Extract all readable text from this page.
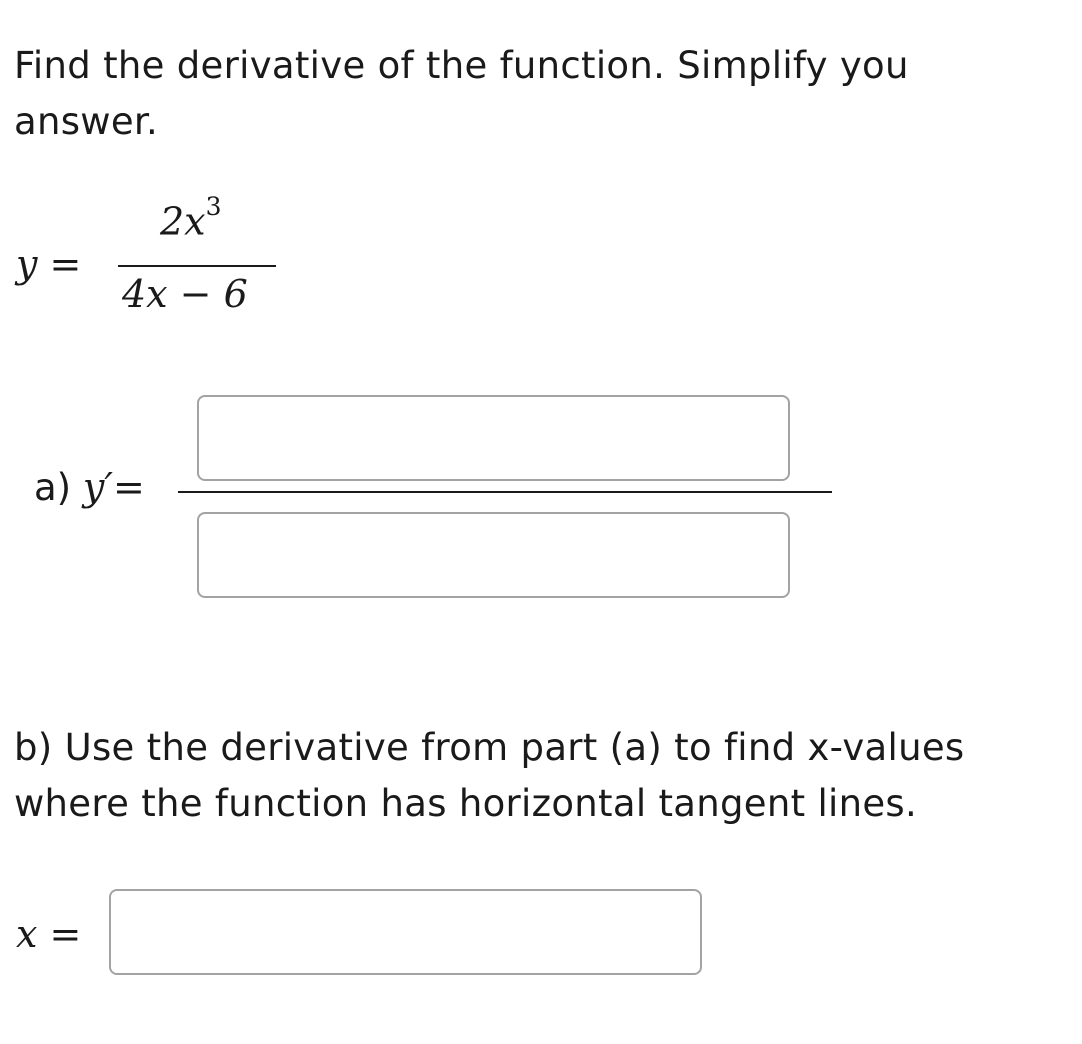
Find the derivative of the function. Simplify you answer.
y =
$2x^3$
4x − 6
a) y′=
b) Use the derivative from part (a) to find x-values where the function has horizontal tangent lines.
x =
